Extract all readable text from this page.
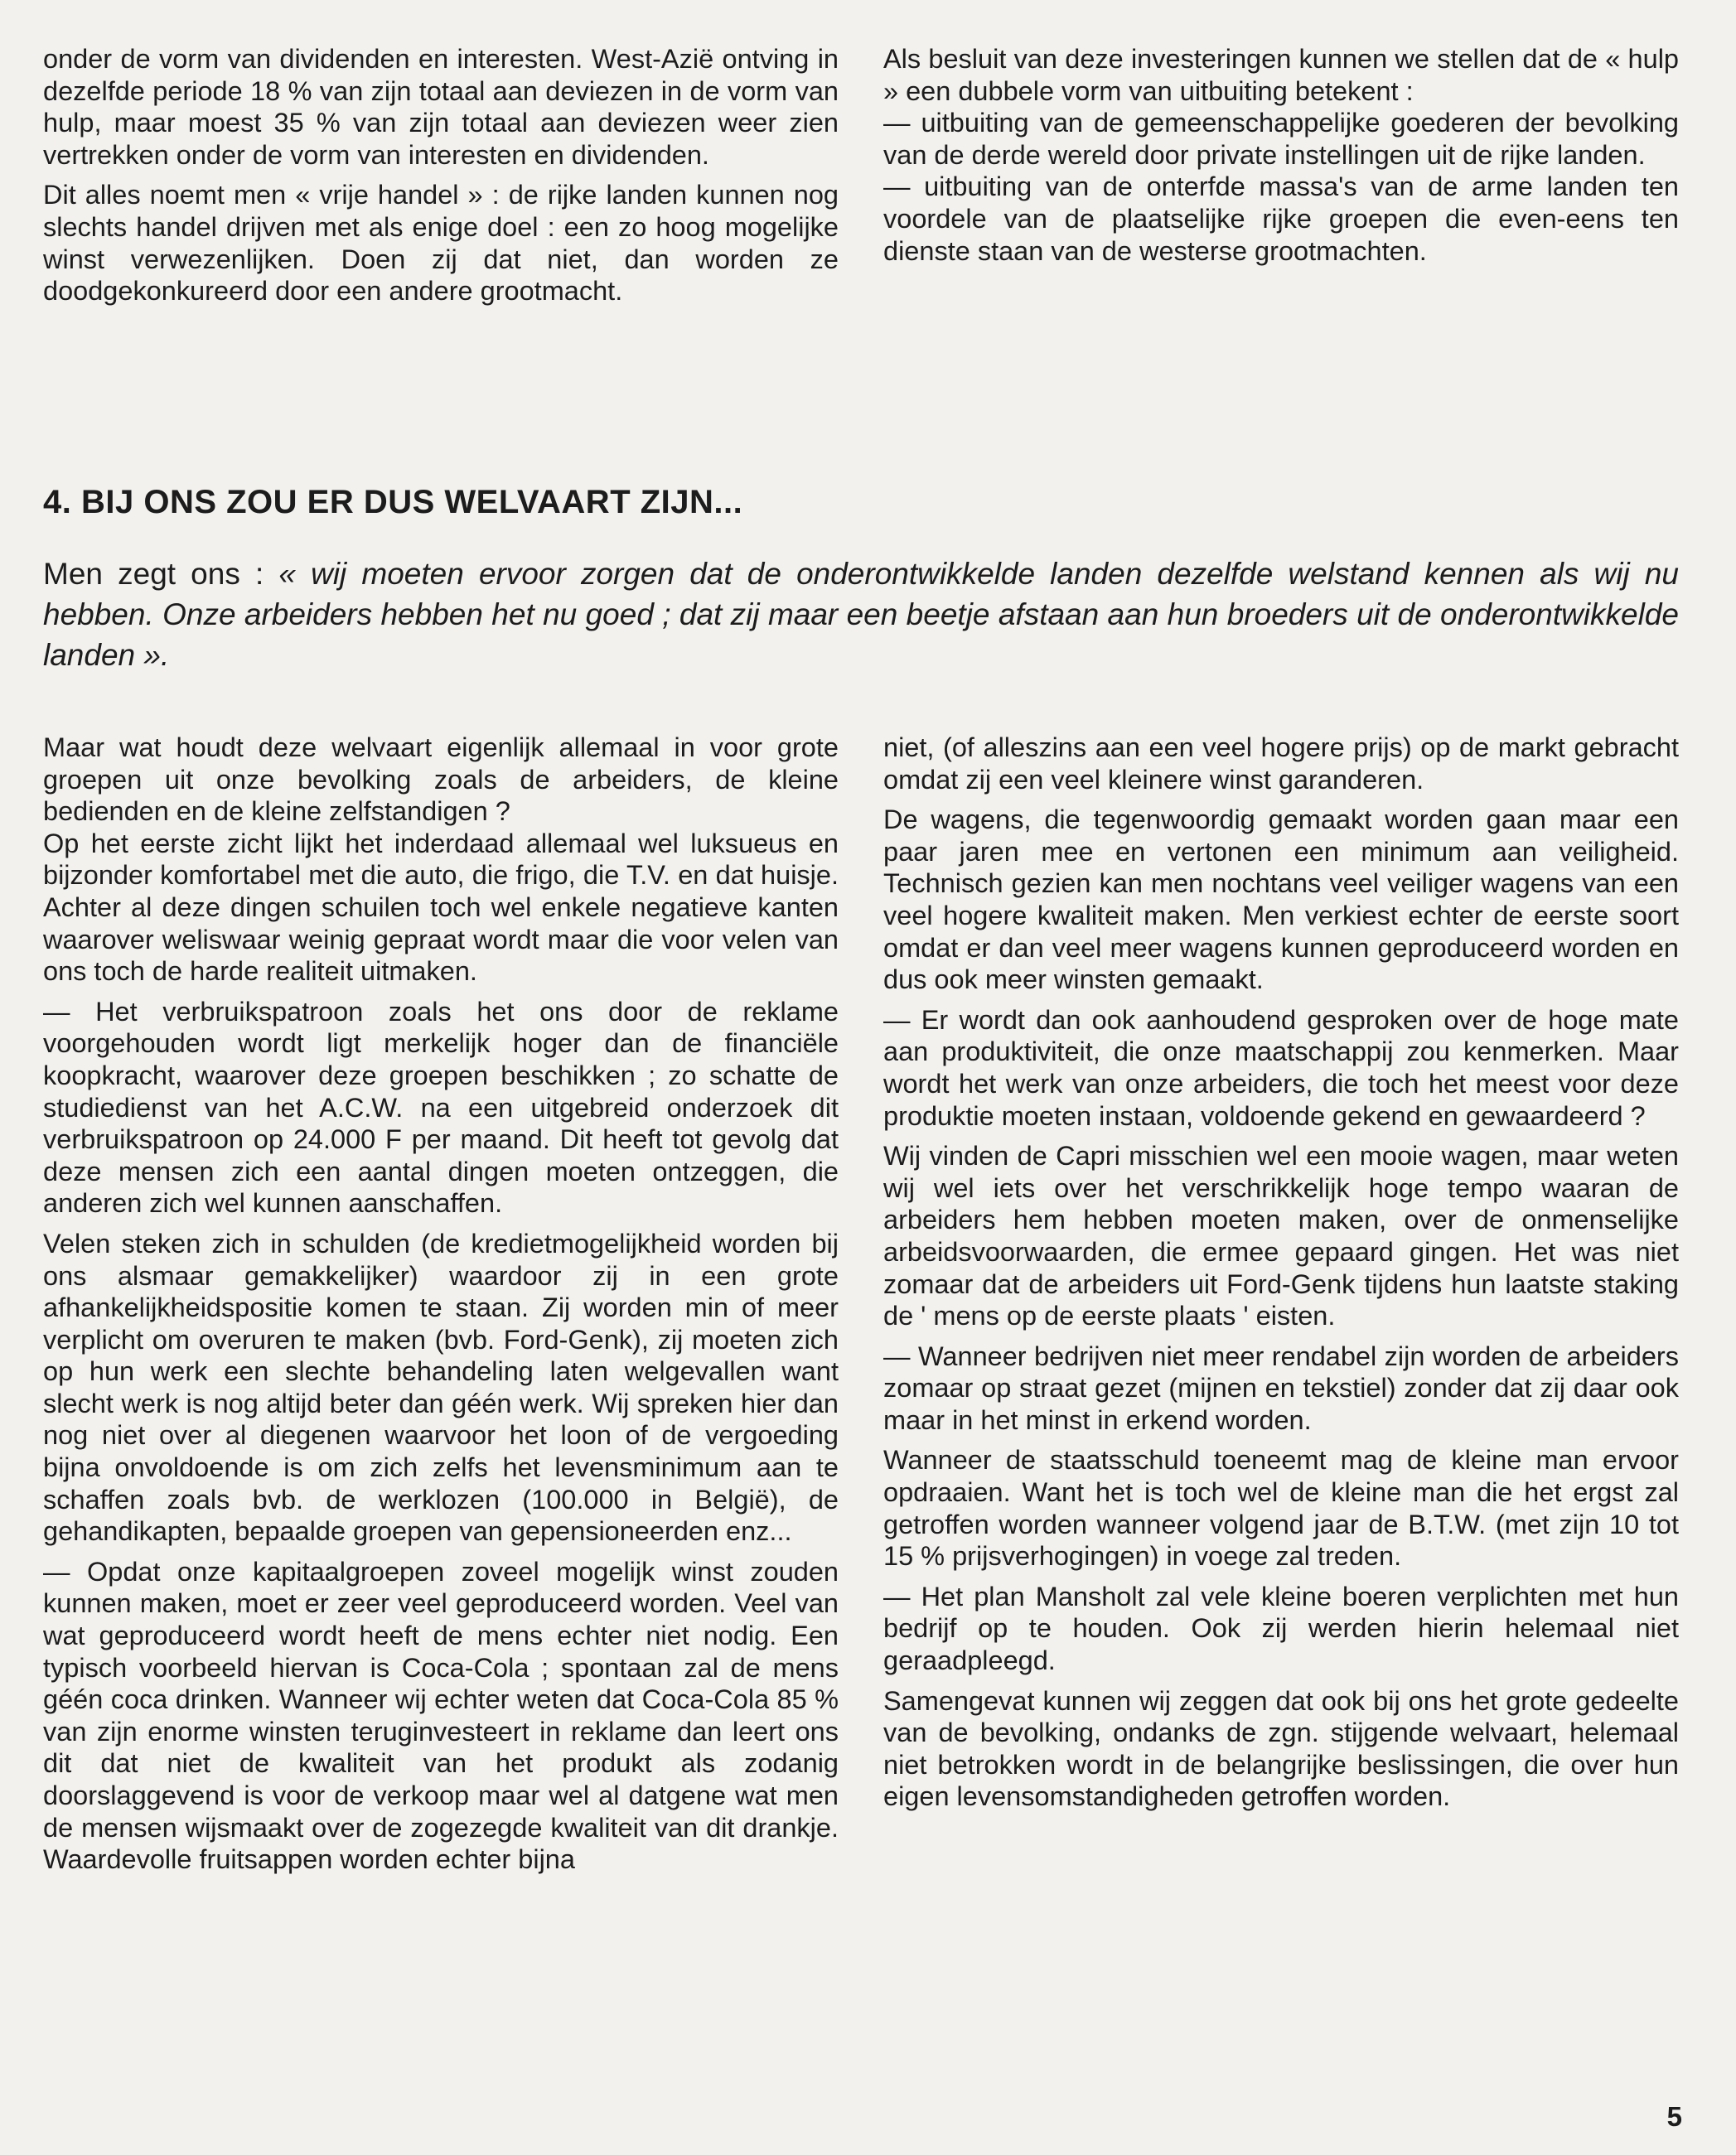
onder de vorm van dividenden en interesten. West-Azië ontving in dezelfde periode 18 % van zijn totaal aan deviezen in de vorm van hulp, maar moest 35 % van zijn totaal aan deviezen weer zien vertrekken onder de vorm van interesten en dividenden.

Dit alles noemt men « vrije handel » : de rijke landen kunnen nog slechts handel drijven met als enige doel : een zo hoog mogelijke winst verwezenlijken. Doen zij dat niet, dan worden ze doodgekonkureerd door een andere grootmacht.

Als besluit van deze investeringen kunnen we stellen dat de « hulp » een dubbele vorm van uitbuiting betekent :

— uitbuiting van de gemeenschappelijke goederen der bevolking van de derde wereld door private instellingen uit de rijke landen.

— uitbuiting van de onterfde massa's van de arme landen ten voordele van de plaatselijke rijke groepen die even-eens ten dienste staan van de westerse grootmachten.

4. BIJ ONS ZOU ER DUS WELVAART ZIJN...
Men zegt ons : « wij moeten ervoor zorgen dat de onderontwikkelde landen dezelfde welstand kennen als wij nu hebben. Onze arbeiders hebben het nu goed ; dat zij maar een beetje afstaan aan hun broeders uit de onderontwikkelde landen ».

Maar wat houdt deze welvaart eigenlijk allemaal in voor grote groepen uit onze bevolking zoals de arbeiders, de kleine bedienden en de kleine zelfstandigen ?

Op het eerste zicht lijkt het inderdaad allemaal wel luksueus en bijzonder komfortabel met die auto, die frigo, die T.V. en dat huisje. Achter al deze dingen schuilen toch wel enkele negatieve kanten waarover weliswaar weinig gepraat wordt maar die voor velen van ons toch de harde realiteit uitmaken.

— Het verbruikspatroon zoals het ons door de reklame voorgehouden wordt ligt merkelijk hoger dan de financiële koopkracht, waarover deze groepen beschikken ; zo schatte de studiedienst van het A.C.W. na een uitgebreid onderzoek dit verbruikspatroon op 24.000 F per maand. Dit heeft tot gevolg dat deze mensen zich een aantal dingen moeten ontzeggen, die anderen zich wel kunnen aanschaffen.

Velen steken zich in schulden (de kredietmogelijkheid worden bij ons alsmaar gemakkelijker) waardoor zij in een grote afhankelijkheidspositie komen te staan. Zij worden min of meer verplicht om overuren te maken (bvb. Ford-Genk), zij moeten zich op hun werk een slechte behandeling laten welgevallen want slecht werk is nog altijd beter dan géén werk. Wij spreken hier dan nog niet over al diegenen waarvoor het loon of de vergoeding bijna onvoldoende is om zich zelfs het levensminimum aan te schaffen zoals bvb. de werklozen (100.000 in België), de gehandikapten, bepaalde groepen van gepensioneerden enz...

— Opdat onze kapitaalgroepen zoveel mogelijk winst zouden kunnen maken, moet er zeer veel geproduceerd worden. Veel van wat geproduceerd wordt heeft de mens echter niet nodig. Een typisch voorbeeld hiervan is Coca-Cola ; spontaan zal de mens géén coca drinken. Wanneer wij echter weten dat Coca-Cola 85 % van zijn enorme winsten teruginvesteert in reklame dan leert ons dit dat niet de kwaliteit van het produkt als zodanig doorslaggevend is voor de verkoop maar wel al datgene wat men de mensen wijsmaakt over de zogezegde kwaliteit van dit drankje. Waardevolle fruitsappen worden echter bijna

niet, (of alleszins aan een veel hogere prijs) op de markt gebracht omdat zij een veel kleinere winst garanderen.

De wagens, die tegenwoordig gemaakt worden gaan maar een paar jaren mee en vertonen een minimum aan veiligheid. Technisch gezien kan men nochtans veel veiliger wagens van een veel hogere kwaliteit maken. Men verkiest echter de eerste soort omdat er dan veel meer wagens kunnen geproduceerd worden en dus ook meer winsten gemaakt.

— Er wordt dan ook aanhoudend gesproken over de hoge mate aan produktiviteit, die onze maatschappij zou kenmerken. Maar wordt het werk van onze arbeiders, die toch het meest voor deze produktie moeten instaan, voldoende gekend en gewaardeerd ?

Wij vinden de Capri misschien wel een mooie wagen, maar weten wij wel iets over het verschrikkelijk hoge tempo waaran de arbeiders hem hebben moeten maken, over de onmenselijke arbeidsvoorwaarden, die ermee gepaard gingen. Het was niet zomaar dat de arbeiders uit Ford-Genk tijdens hun laatste staking de ' mens op de eerste plaats ' eisten.

— Wanneer bedrijven niet meer rendabel zijn worden de arbeiders zomaar op straat gezet (mijnen en tekstiel) zonder dat zij daar ook maar in het minst in erkend worden.

Wanneer de staatsschuld toeneemt mag de kleine man ervoor opdraaien. Want het is toch wel de kleine man die het ergst zal getroffen worden wanneer volgend jaar de B.T.W. (met zijn 10 tot 15 % prijsverhogingen) in voege zal treden.

— Het plan Mansholt zal vele kleine boeren verplichten met hun bedrijf op te houden. Ook zij werden hierin helemaal niet geraadpleegd.

Samengevat kunnen wij zeggen dat ook bij ons het grote gedeelte van de bevolking, ondanks de zgn. stijgende welvaart, helemaal niet betrokken wordt in de belangrijke beslissingen, die over hun eigen levensomstandigheden getroffen worden.

5
